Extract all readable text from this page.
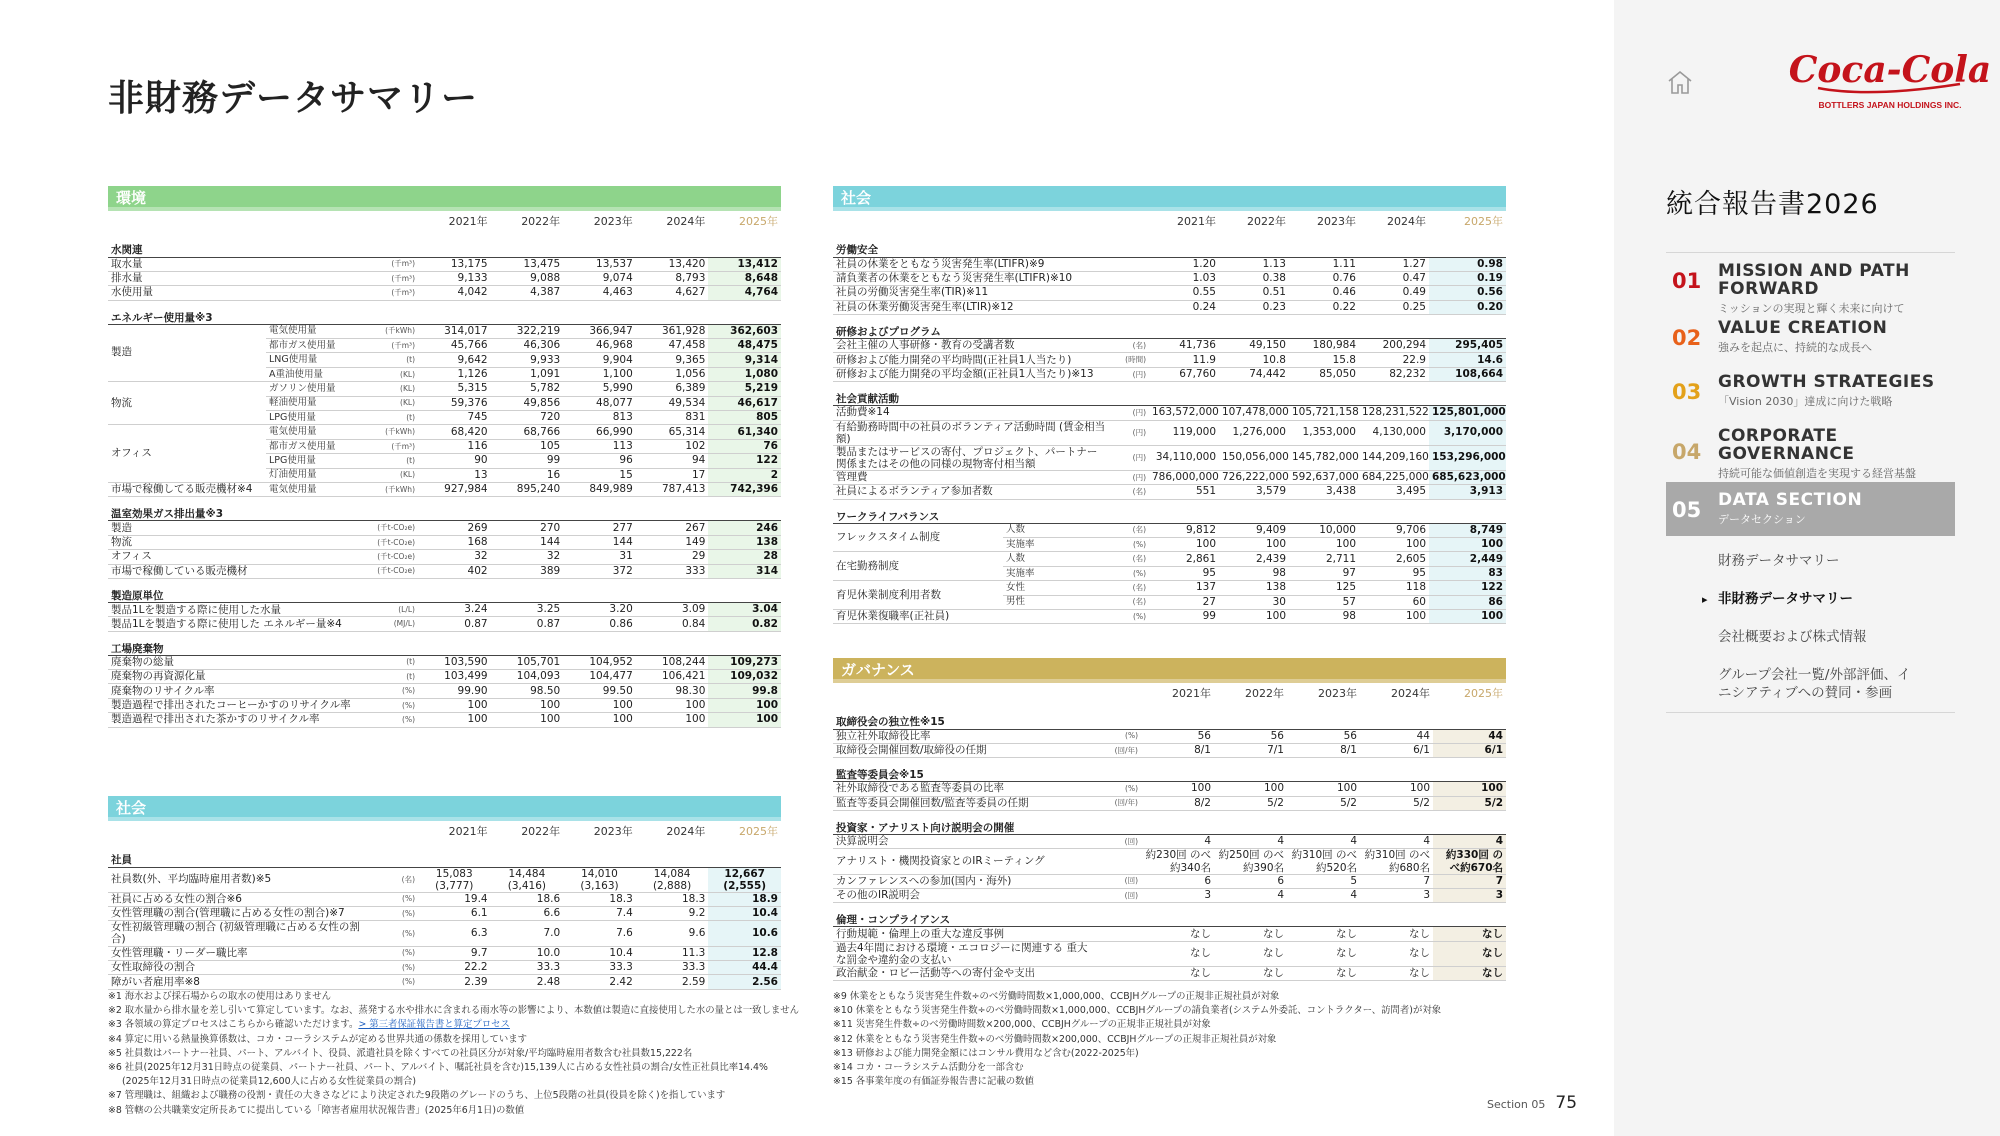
非財務データサマリー
環境
			2021年	2022年	2023年	2024年	2025年
水関連							
取水量		(千m³)	13,175	13,475	13,537	13,420	13,412
排水量		(千m³)	9,133	9,088	9,074	8,793	8,648
水使用量		(千m³)	4,042	4,387	4,463	4,627	4,764
エネルギー使用量※3							
製造	電気使用量	(千kWh)	314,017	322,219	366,947	361,928	362,603
	都市ガス使用量	(千m³)	45,766	46,306	46,968	47,458	48,475
	LNG使用量	(t)	9,642	9,933	9,904	9,365	9,314
	A重油使用量	(KL)	1,126	1,091	1,100	1,056	1,080
物流	ガソリン使用量	(KL)	5,315	5,782	5,990	6,389	5,219
	軽油使用量	(KL)	59,376	49,856	48,077	49,534	46,617
	LPG使用量	(t)	745	720	813	831	805
オフィス	電気使用量	(千kWh)	68,420	68,766	66,990	65,314	61,340
	都市ガス使用量	(千m³)	116	105	113	102	76
	LPG使用量	(t)	90	99	96	94	122
	灯油使用量	(KL)	13	16	15	17	2
市場で稼働してる販売機材※4	電気使用量	(千kWh)	927,984	895,240	849,989	787,413	742,396
温室効果ガス排出量※3							
製造		(千t-CO₂e)	269	270	277	267	246
物流		(千t-CO₂e)	168	144	144	149	138
オフィス		(千t-CO₂e)	32	32	31	29	28
市場で稼働している販売機材		(千t-CO₂e)	402	389	372	333	314
製造原単位							
製品1Lを製造する際に使用した水量		(L/L)	3.24	3.25	3.20	3.09	3.04
製品1Lを製造する際に使用した エネルギー量※4		(MJ/L)	0.87	0.87	0.86	0.84	0.82
工場廃棄物							
廃棄物の総量		(t)	103,590	105,701	104,952	108,244	109,273
廃棄物の再資源化量		(t)	103,499	104,093	104,477	106,421	109,032
廃棄物のリサイクル率		(%)	99.90	98.50	99.50	98.30	99.8
製造過程で排出されたコーヒーかすのリサイクル率		(%)	100	100	100	100	100
製造過程で排出された茶かすのリサイクル率		(%)	100	100	100	100	100
社会
		2021年	2022年	2023年	2024年	2025年
社員						
社員数(外、平均臨時雇用者数)※5	(名)	15,083 (3,777)	14,484 (3,416)	14,010 (3,163)	14,084 (2,888)	12,667 (2,555)
社員に占める女性の割合※6	(%)	19.4	18.6	18.3	18.3	18.9
女性管理職の割合(管理職に占める女性の割合)※7	(%)	6.1	6.6	7.4	9.2	10.4
女性初級管理職の割合 (初級管理職に占める女性の割合)	(%)	6.3	7.0	7.6	9.6	10.6
女性管理職・リーダー職比率	(%)	9.7	10.0	10.4	11.3	12.8
女性取締役の割合	(%)	22.2	33.3	33.3	33.3	44.4
障がい者雇用率※8	(%)	2.39	2.48	2.42	2.59	2.56
社会
			2021年	2022年	2023年	2024年	2025年
労働安全							
社員の休業をともなう災害発生率(LTIFR)※9			1.20	1.13	1.11	1.27	0.98
請負業者の休業をともなう災害発生率(LTIFR)※10			1.03	0.38	0.76	0.47	0.19
社員の労働災害発生率(TIR)※11			0.55	0.51	0.46	0.49	0.56
社員の休業労働災害発生率(LTIR)※12			0.24	0.23	0.22	0.25	0.20
研修およびプログラム							
会社主催の人事研修・教育の受講者数		(名)	41,736	49,150	180,984	200,294	295,405
研修および能力開発の平均時間(正社員1人当たり)		(時間)	11.9	10.8	15.8	22.9	14.6
研修および能力開発の平均金額(正社員1人当たり)※13		(円)	67,760	74,442	85,050	82,232	108,664
社会貢献活動							
活動費※14		(円)	163,572,000	107,478,000	105,721,158	128,231,522	125,801,000
有給勤務時間中の社員のボランティア活動時間 (賃金相当額)		(円)	119,000	1,276,000	1,353,000	4,130,000	3,170,000
製品またはサービスの寄付、プロジェクト、パートナー 関係またはその他の同様の現物寄付相当額		(円)	34,110,000	150,056,000	145,782,000	144,209,160	153,296,000
管理費		(円)	786,000,000	726,222,000	592,637,000	684,225,000	685,623,000
社員によるボランティア参加者数		(名)	551	3,579	3,438	3,495	3,913
ワークライフバランス							
フレックスタイム制度	人数	(名)	9,812	9,409	10,000	9,706	8,749
	実施率	(%)	100	100	100	100	100
在宅勤務制度	人数	(名)	2,861	2,439	2,711	2,605	2,449
	実施率	(%)	95	98	97	95	83
育児休業制度利用者数	女性	(名)	137	138	125	118	122
	男性	(名)	27	30	57	60	86
育児休業復職率(正社員)		(%)	99	100	98	100	100
ガバナンス
		2021年	2022年	2023年	2024年	2025年
取締役会の独立性※15						
独立社外取締役比率	(%)	56	56	56	44	44
取締役会開催回数/取締役の任期	(回/年)	8/1	7/1	8/1	6/1	6/1
監査等委員会※15						
社外取締役である監査等委員の比率	(%)	100	100	100	100	100
監査等委員会開催回数/監査等委員の任期	(回/年)	8/2	5/2	5/2	5/2	5/2
投資家・アナリスト向け説明会の開催						
決算説明会	(回)	4	4	4	4	4
アナリスト・機関投資家とのIRミーティング		約230回 のべ約340名	約250回 のべ約390名	約310回 のべ約520名	約310回 のべ約680名	約330回 のべ約670名
カンファレンスへの参加(国内・海外)	(回)	6	6	5	7	7
その他のIR説明会	(回)	3	4	4	3	3
倫理・コンプライアンス						
行動規範・倫理上の重大な違反事例		なし	なし	なし	なし	なし
過去4年間における環境・エコロジーに関連する 重大な罰金や違約金の支払い		なし	なし	なし	なし	なし
政治献金・ロビー活動等への寄付金や支出		なし	なし	なし	なし	なし
※1 海水および採石場からの取水の使用はありません
※2 取水量から排水量を差し引いて算定しています。なお、蒸発する水や排水に含まれる雨水等の影響により、本数値は製造に直接使用した水の量とは一致しません
※3 各領域の算定プロセスはこちらから確認いただけます。> 第三者保証報告書と算定プロセス
※4 算定に用いる熱量換算係数は、コカ・コーラシステムが定める世界共通の係数を採用しています
※5 社員数はパートナー社員、パート、アルバイト、役員、派遣社員を除くすべての社員区分が対象/平均臨時雇用者数含む社員数15,222名
※6 社員(2025年12月31日時点の従業員、パートナー社員、パート、アルバイト、嘱託社員を含む)15,139人に占める女性社員の割合/女性正社員比率14.4%
(2025年12月31日時点の従業員12,600人に占める女性従業員の割合)
※7 管理職は、組織および職務の役割・責任の大きさなどにより決定された9段階のグレードのうち、上位5段階の社員(役員を除く)を指しています
※8 管轄の公共職業安定所長あてに提出している「障害者雇用状況報告書」(2025年6月1日)の数値
※9 休業をともなう災害発生件数÷のべ労働時間数×1,000,000、CCBJHグループの正規非正規社員が対象
※10 休業をともなう災害発生件数÷のべ労働時間数×1,000,000、CCBJHグループの請負業者(システム外委託、コントラクター、訪問者)が対象
※11 災害発生件数÷のべ労働時間数×200,000、CCBJHグループの正規非正規社員が対象
※12 休業をともなう災害発生件数÷のべ労働時間数×200,000、CCBJHグループの正規非正規社員が対象
※13 研修および能力開発金額にはコンサル費用など含む(2022-2025年)
※14 コカ・コーラシステム活動分を一部含む
※15 各事業年度の有価証券報告書に記載の数値
Section 05 75
Coca-Cola
BOTTLERS JAPAN HOLDINGS INC.
統合報告書2026
01 MISSION AND PATH FORWARD
ミッションの実現と輝く未来に向けて
02 VALUE CREATION
強みを起点に、持続的な成長へ
03 GROWTH STRATEGIES
「Vision 2030」達成に向けた戦略
04
CORPORATE GOVERNANCE
持続可能な価値創造を実現する経営基盤
05 DATA SECTION
データセクション
財務データサマリー
▸ 非財務データサマリー
会社概要および株式情報
グループ会社一覧/外部評価、イニシアティブへの賛同・参画
